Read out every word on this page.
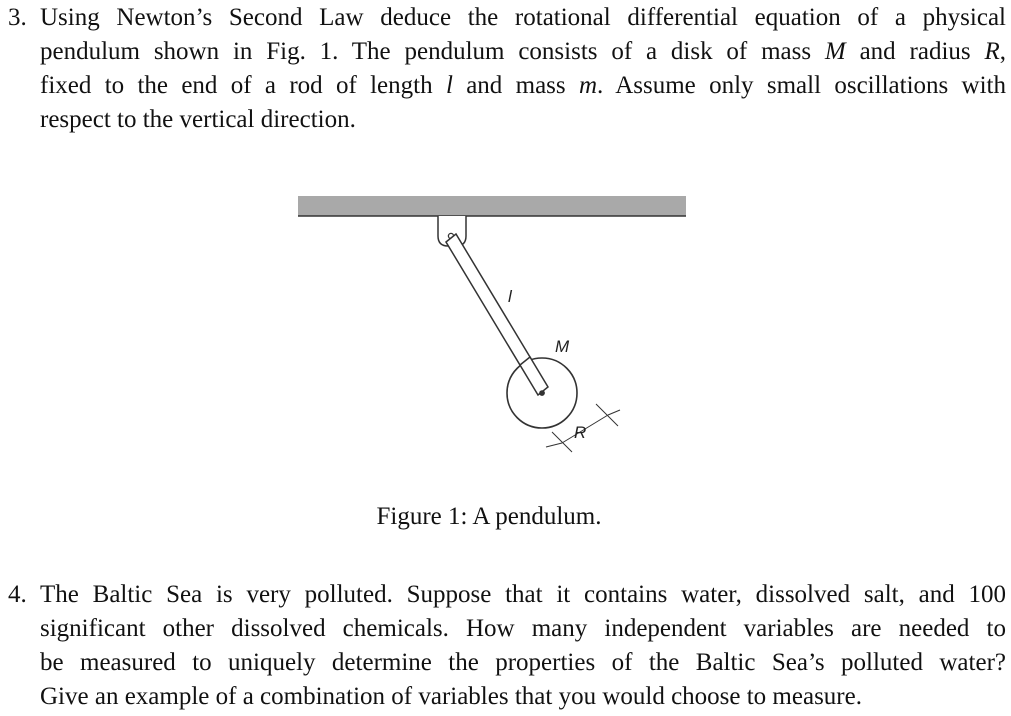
3. Using Newton’s Second Law deduce the rotational differential equation of a physical
pendulum shown in Fig. 1. The pendulum consists of a disk of mass M and radius R,
fixed to the end of a rod of length l and mass m. Assume only small oscillations with
respect to the vertical direction.
l
M
R
Figure 1: A pendulum.
4. The Baltic Sea is very polluted. Suppose that it contains water, dissolved salt, and 100
significant other dissolved chemicals. How many independent variables are needed to
be measured to uniquely determine the properties of the Baltic Sea’s polluted water?
Give an example of a combination of variables that you would choose to measure.
